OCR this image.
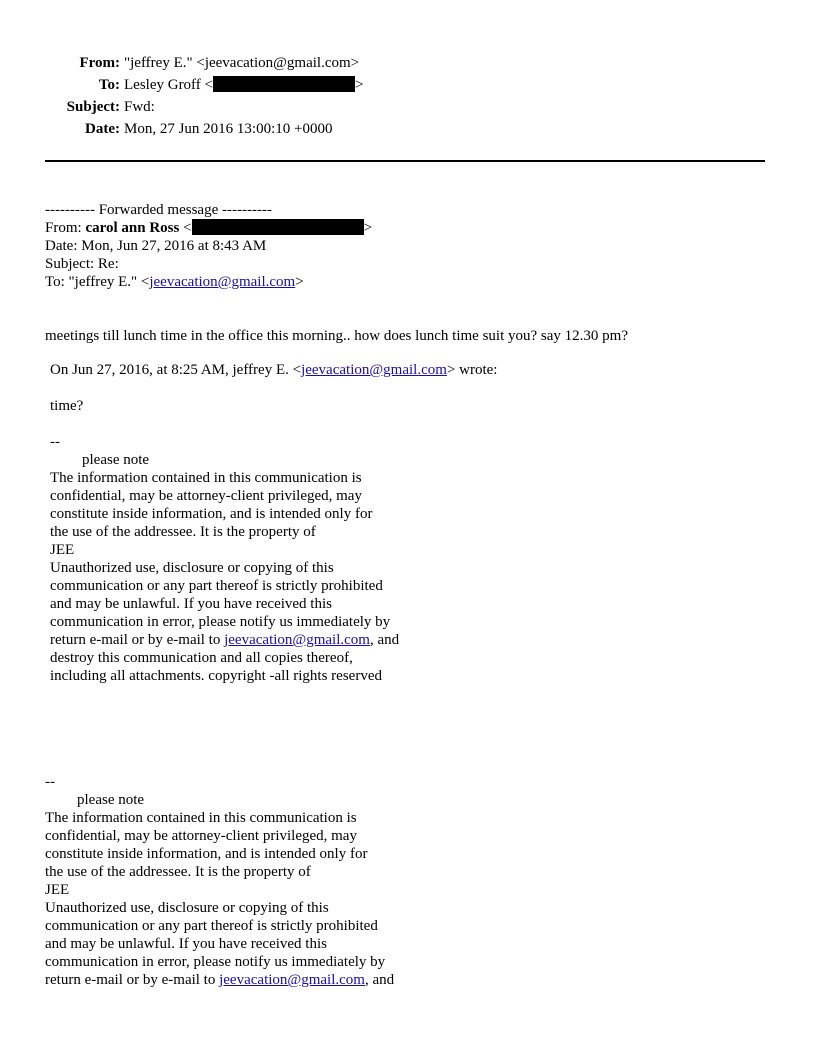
From: "jeffrey E." <jeevacation@gmail.com>
To: Lesley Groff <	>
Subject: Fwd:
Date: Mon, 27 Jun 2016 13:00:10 +0000
---------- Forwarded message ----------
From: carol ann Ross <	>
Date: Mon, Jun 27, 2016 at 8:43 AM
Subject: Re:
To: "jeffrey E." <jeevacation@gmail.com>
meetings till lunch time in the office this morning.. how does lunch time suit you? say 12.30 pm?
On Jun 27, 2016, at 8:25 AM, jeffrey E. <jeevacation@gmail.com> wrote:
time?
--
please note
The information contained in this communication is
confidential, may be attorney-client privileged, may
constitute inside information, and is intended only for
the use of the addressee. It is the property of
JEE
Unauthorized use, disclosure or copying of this
communication or any part thereof is strictly prohibited
and may be unlawful. If you have received this
communication in error, please notify us immediately by
return e-mail or by e-mail to jeevacation@gmail.com, and
destroy this communication and all copies thereof,
including all attachments. copyright -all rights reserved
--
please note
The information contained in this communication is
confidential, may be attorney-client privileged, may
constitute inside information, and is intended only for
the use of the addressee. It is the property of
JEE
Unauthorized use, disclosure or copying of this
communication or any part thereof is strictly prohibited
and may be unlawful. If you have received this
communication in error, please notify us immediately by
return e-mail or by e-mail to jeevacation@gmail.com, and
